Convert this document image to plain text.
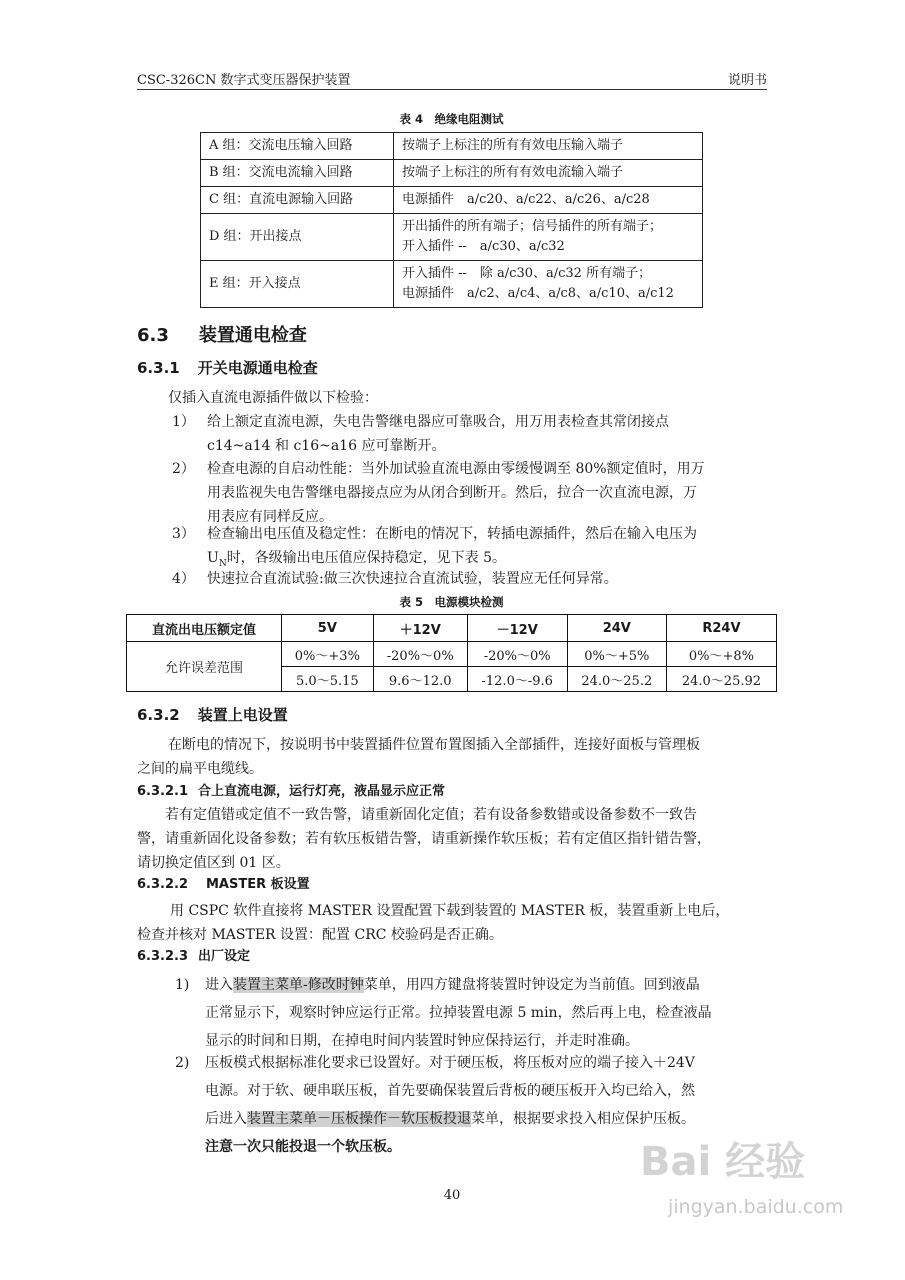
CSC-326CN 数字式变压器保护装置	说明书
表 4　绝缘电阻测试
A 组：交流电压输入回路	按端子上标注的所有有效电压输入端子

B 组：交流电流输入回路	按端子上标注的所有有效电流输入端子

C 组：直流电源输入回路	电源插件　a/c20、a/c22、a/c26、a/c28

D 组：开出接点	开出插件的所有端子；信号插件的所有端子；
开入插件 --　a/c30、a/c32

E 组：开入接点	开入插件 --　除 a/c30、a/c32 所有端子；
电源插件　a/c2、a/c4、a/c8、a/c10、a/c12
6.3 装置通电检查
6.3.1 开关电源通电检查
仅插入直流电源插件做以下检验：
1） 给上额定直流电源，失电告警继电器应可靠吸合，用万用表检查其常闭接点
c14~a14 和 c16~a16 应可靠断开。
2） 检查电源的自启动性能：当外加试验直流电源由零缓慢调至 80%额定值时，用万
用表监视失电告警继电器接点应为从闭合到断开。然后，拉合一次直流电源，万
用表应有同样反应。
3） 检查输出电压值及稳定性：在断电的情况下，转插电源插件，然后在输入电压为
$U_N$时，各级输出电压值应保持稳定，见下表 5。
4） 快速拉合直流试验:做三次快速拉合直流试验，装置应无任何异常。
表 5　电源模块检测
直流出电压额定值	5V	＋12V	－12V	24V	R24V
允许误差范围	0%～+3%	-20%～0%	-20%～0%	0%～+5%	0%～+8%
	5.0～5.15	9.6～12.0	-12.0～-9.6	24.0～25.2	24.0～25.92
6.3.2 装置上电设置
在断电的情况下，按说明书中装置插件位置布置图插入全部插件，连接好面板与管理板
之间的扁平电缆线。
6.3.2.1 合上直流电源，运行灯亮，液晶显示应正常
若有定值错或定值不一致告警，请重新固化定值；若有设备参数错或设备参数不一致告
警，请重新固化设备参数；若有软压板错告警，请重新操作软压板；若有定值区指针错告警，
请切换定值区到 01 区。
6.3.2.2 MASTER 板设置
用 CSPC 软件直接将 MASTER 设置配置下载到装置的 MASTER 板，装置重新上电后，
检查并核对 MASTER 设置：配置 CRC 校验码是否正确。
6.3.2.3 出厂设定
1) 进入装置主菜单-修改时钟菜单，用四方键盘将装置时钟设定为当前值。回到液晶
正常显示下，观察时钟应运行正常。拉掉装置电源 5 min，然后再上电，检查液晶
显示的时间和日期，在掉电时间内装置时钟应保持运行，并走时准确。
2) 压板模式根据标准化要求已设置好。对于硬压板，将压板对应的端子接入＋24V
电源。对于软、硬串联压板，首先要确保装置后背板的硬压板开入均已给入，然
后进入装置主菜单－压板操作－软压板投退菜单，根据要求投入相应保护压板。
注意一次只能投退一个软压板。
40
Bai 经验
jingyan.baidu.com
